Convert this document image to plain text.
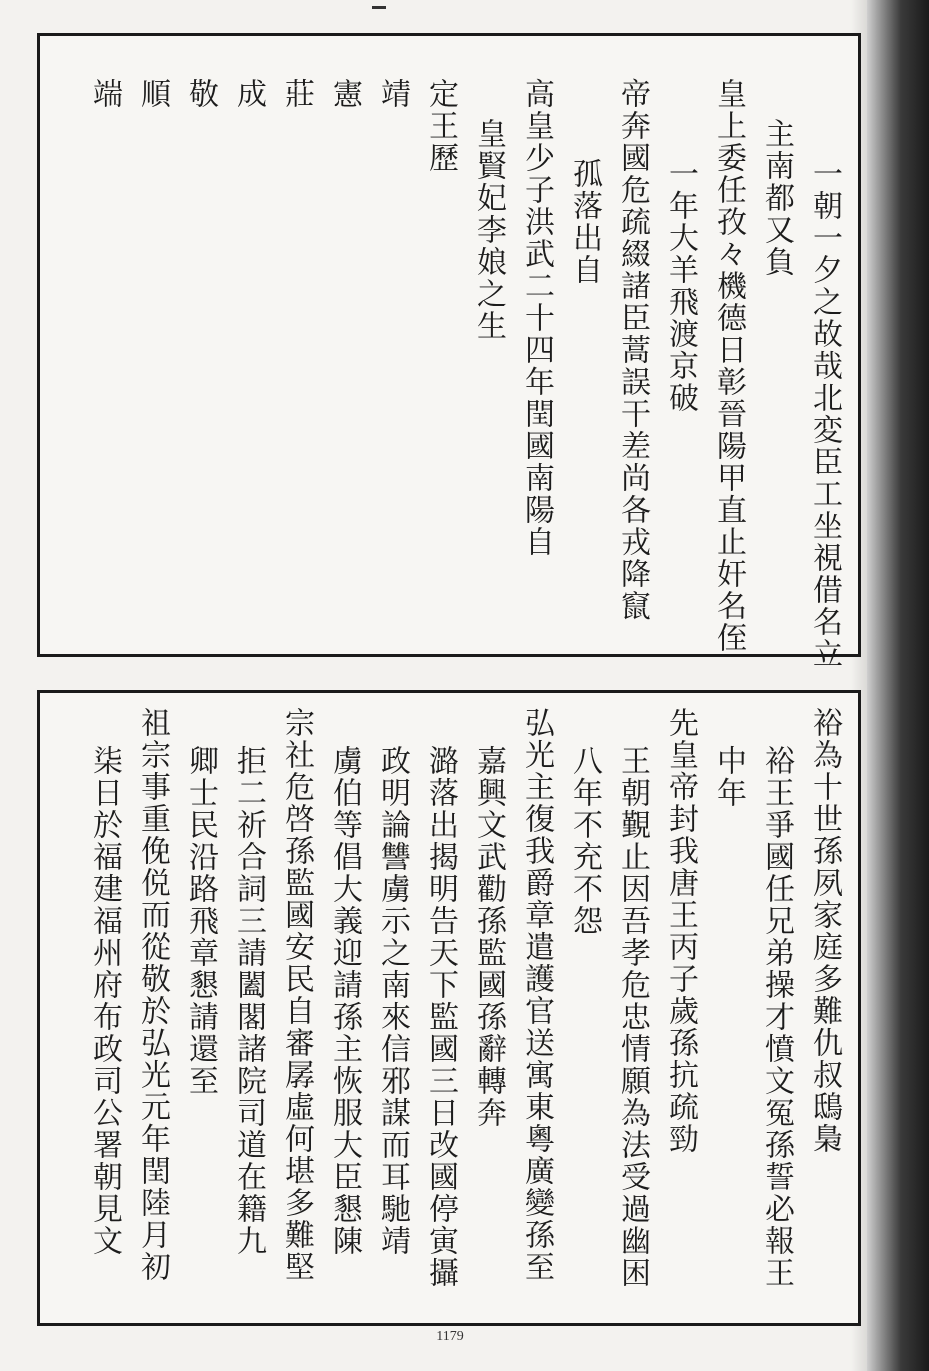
一朝一夕之故哉北変臣工坐視借名立
主南都又負
皇上委任孜々機德日彰晉陽甲直止奸名侄
一年大羊飛渡京破
帝奔國危疏綴諸臣蒿誤干差尚各戎降竄
孤落出自
高皇少子洪武二十四年閏國南陽自
皇賢妃李娘之生
定王歷
靖
憲
莊
成
敬
順
端
裕為十世孫夙家庭多難仇叔鴟梟
裕王爭國任兄弟操才憤文冤孫誓必報王
中年
先皇帝封我唐王丙子歲孫抗疏勁
王朝覲止因吾孝危忠情願為法受過幽困
八年不充不怨
弘光主復我爵章遣護官送寓東粵廣變孫至
嘉興文武勸孫監國孫辭轉奔
潞落出揭明告天下監國三日改國停寅攝
政明論讐虜示之南來信邪謀而耳馳靖
虜伯等倡大義迎請孫主恢服大臣懇陳
宗社危啓孫監國安民自審孱虛何堪多難堅
拒二祈合詞三請闔閣諸院司道在籍九
卿士民沿路飛章懇請還至
祖宗事重俛侻而從敬於弘光元年閏陸月初
柒日於福建福州府布政司公署朝見文
1179
